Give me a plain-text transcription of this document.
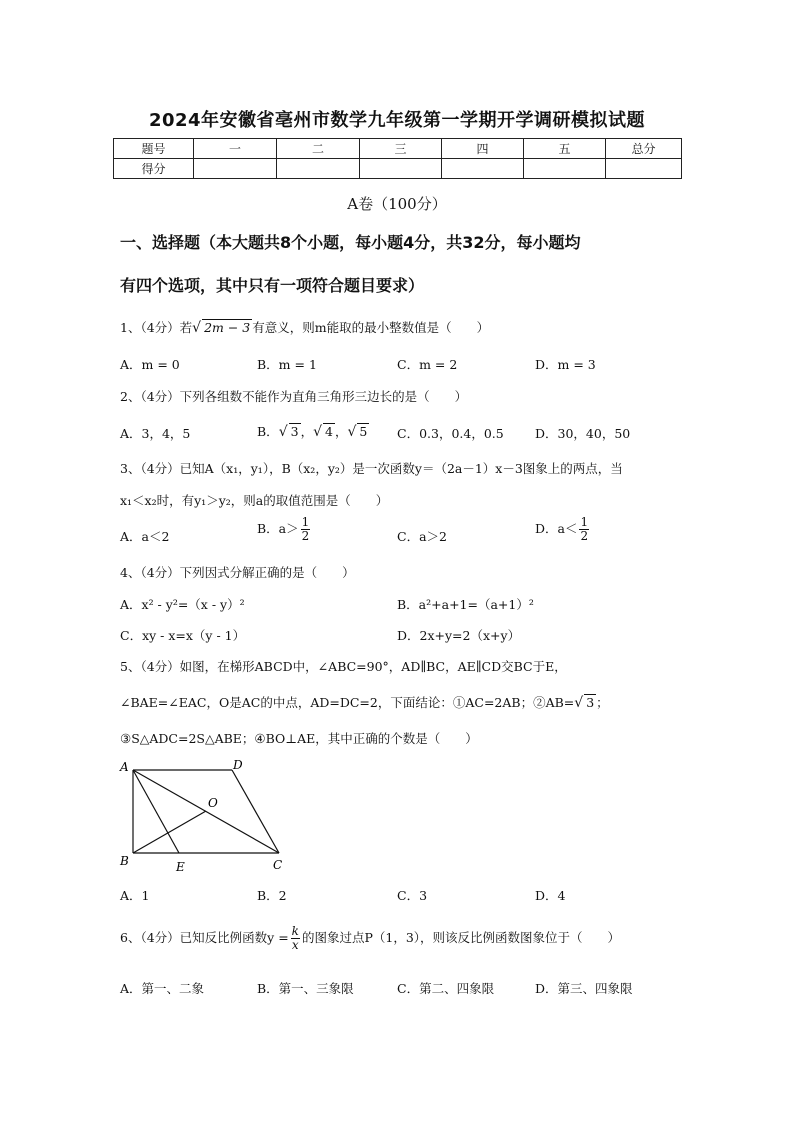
2024年安徽省亳州市数学九年级第一学期开学调研模拟试题
题号	一	二	三	四	五	总分
得分						
A卷（100分）
一、选择题（本大题共8个小题，每小题4分，共32分，每小题均
有四个选项，其中只有一项符合题目要求）
1、（4分）若√ 2m − 3 有意义，则m能取的最小整数值是（　　）
A．m = 0	B．m = 1	C．m = 2	D．m = 3
2、（4分）下列各组数不能作为直角三角形三边长的是（　　）
A．3，4，5	B．√ 3 ，√ 4 ，√ 5 C．0.3，0.4，0.5	D．30，40，50
3、（4分）已知A（x₁，y₁），B（x₂，y₂）是一次函数y＝（2a－1）x－3图象上的两点，当
x₁＜x₂时，有y₁＞y₂，则a的取值范围是（　　）
A．a＜2
B．$a> \frac{1}{2}$	C．a＞2
D．$a< \frac{1}{2}$
4、（4分）下列因式分解正确的是（　　）
A．x² - y²=（x - y）²	B．a²+a+1=（a+1）²
C．xy - x=x（y - 1）	D．2x+y=2（x+y）
5、（4分）如图，在梯形ABCD中，∠ABC=90°，AD∥BC，AE∥CD交BC于E，
∠BAE=∠EAC，O是AC的中点，AD=DC=2，下面结论：①AC=2AB；②AB=√ 3 ；
③S△ADC=2S△ABE；④BO⊥AE，其中正确的个数是（　　）
A	D
O
B	E	C
A．1	B．2	C．3	D．4
6、（4分）已知反比例函数$y = \frac{k}{x}$ 的图象过点P（1，3），则该反比例函数图象位于（　　）
A．第一、二象	B．第一、三象限	C．第二、四象限	D．第三、四象限
